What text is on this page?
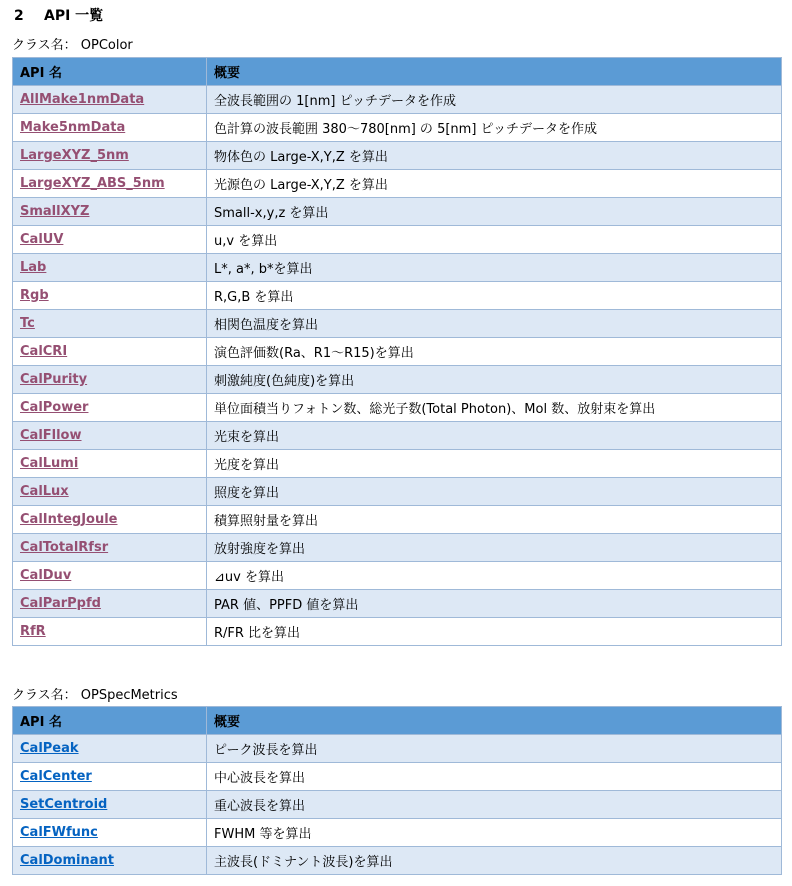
2 API 一覧
クラス名： OPColor
API 名	概要
AllMake1nmData	全波長範囲の 1[nm] ピッチデータを作成
Make5nmData	色計算の波長範囲 380～780[nm] の 5[nm] ピッチデータを作成
LargeXYZ_5nm	物体色の Large-X,Y,Z を算出
LargeXYZ_ABS_5nm	光源色の Large-X,Y,Z を算出
SmallXYZ	Small-x,y,z を算出
CalUV	u,v を算出
Lab	L*, a*, b*を算出
Rgb	R,G,B を算出
Tc	相関色温度を算出
CalCRI	演色評価数(Ra、R1～R15)を算出
CalPurity	刺激純度(色純度)を算出
CalPower	単位面積当りフォトン数、総光子数(Total Photon)、Mol 数、放射束を算出
CalFllow	光束を算出
CalLumi	光度を算出
CalLux	照度を算出
CalIntegJoule	積算照射量を算出
CalTotalRfsr	放射強度を算出
CalDuv	⊿uv を算出
CalParPpfd	PAR 値、PPFD 値を算出
RfR	R/FR 比を算出
クラス名： OPSpecMetrics
API 名	概要
CalPeak	ピーク波長を算出
CalCenter	中心波長を算出
SetCentroid	重心波長を算出
CalFWfunc	FWHM 等を算出
CalDominant	主波長(ドミナント波長)を算出
